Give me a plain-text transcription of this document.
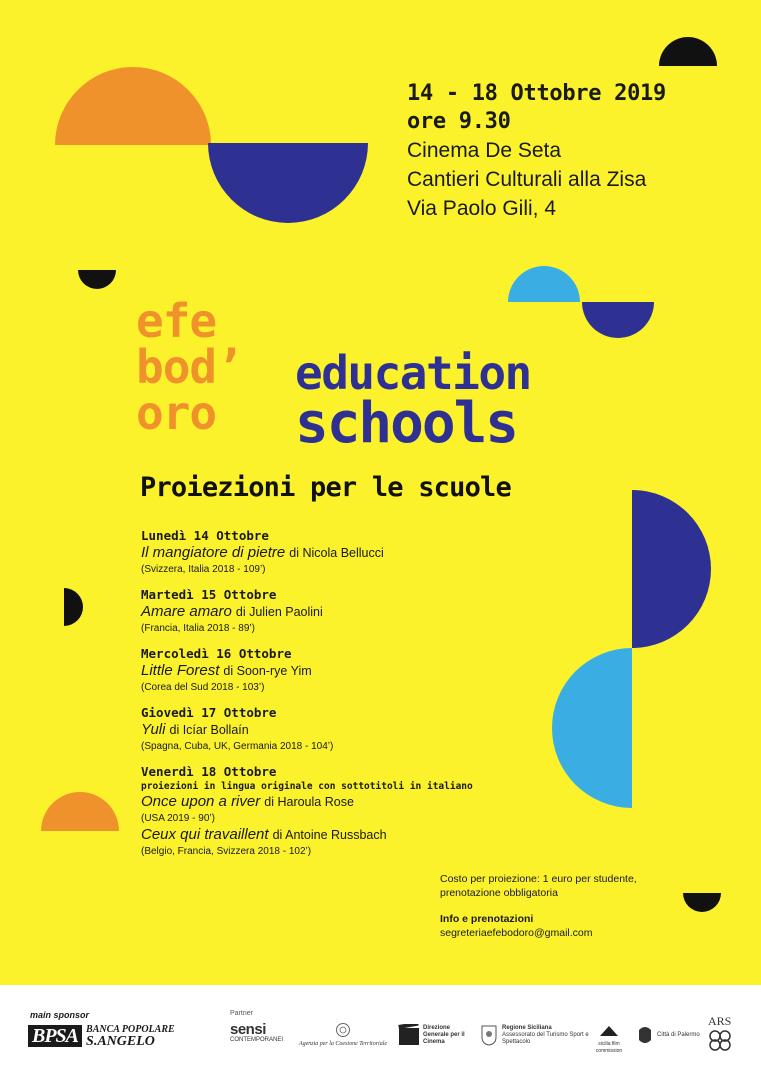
14 - 18 Ottobre 2019
ore 9.30
Cinema De Seta
Cantieri Culturali alla Zisa
Via Paolo Gili, 4
efe
bod’
oro
education
schools
Proiezioni per le scuole
Lunedì 14 Ottobre
Il mangiatore di pietre di Nicola Bellucci
(Svizzera, Italia 2018 - 109’)
Martedì 15 Ottobre
Amare amaro di Julien Paolini
(Francia, Italia 2018 - 89’)
Mercoledì 16 Ottobre
Little Forest di Soon-rye Yim
(Corea del Sud 2018 - 103’)
Giovedì 17 Ottobre
Yuli di Icíar Bollaín
(Spagna, Cuba, UK, Germania 2018 - 104’)
Venerdì 18 Ottobre
proiezioni in lingua originale con sottotitoli in italiano
Once upon a river di Haroula Rose
(USA 2019 - 90’)
Ceux qui travaillent di Antoine Russbach
(Belgio, Francia, Svizzera 2018 - 102’)
Costo per proiezione: 1 euro per studente,
prenotazione obbligatoria
Info e prenotazioni
segreteriaefebodoro@gmail.com
main sponsor
BPSA BANCA POPOLARE
S.ANGELO
Partner
sensi
CONTEMPORANEI
Agenzia per la Coesione Territoriale
Direzione Generale per il Cinema
Regione Siciliana
Assessorato del Turismo Sport e Spettacolo	sicilia film commission
Città di Palermo
ARS
